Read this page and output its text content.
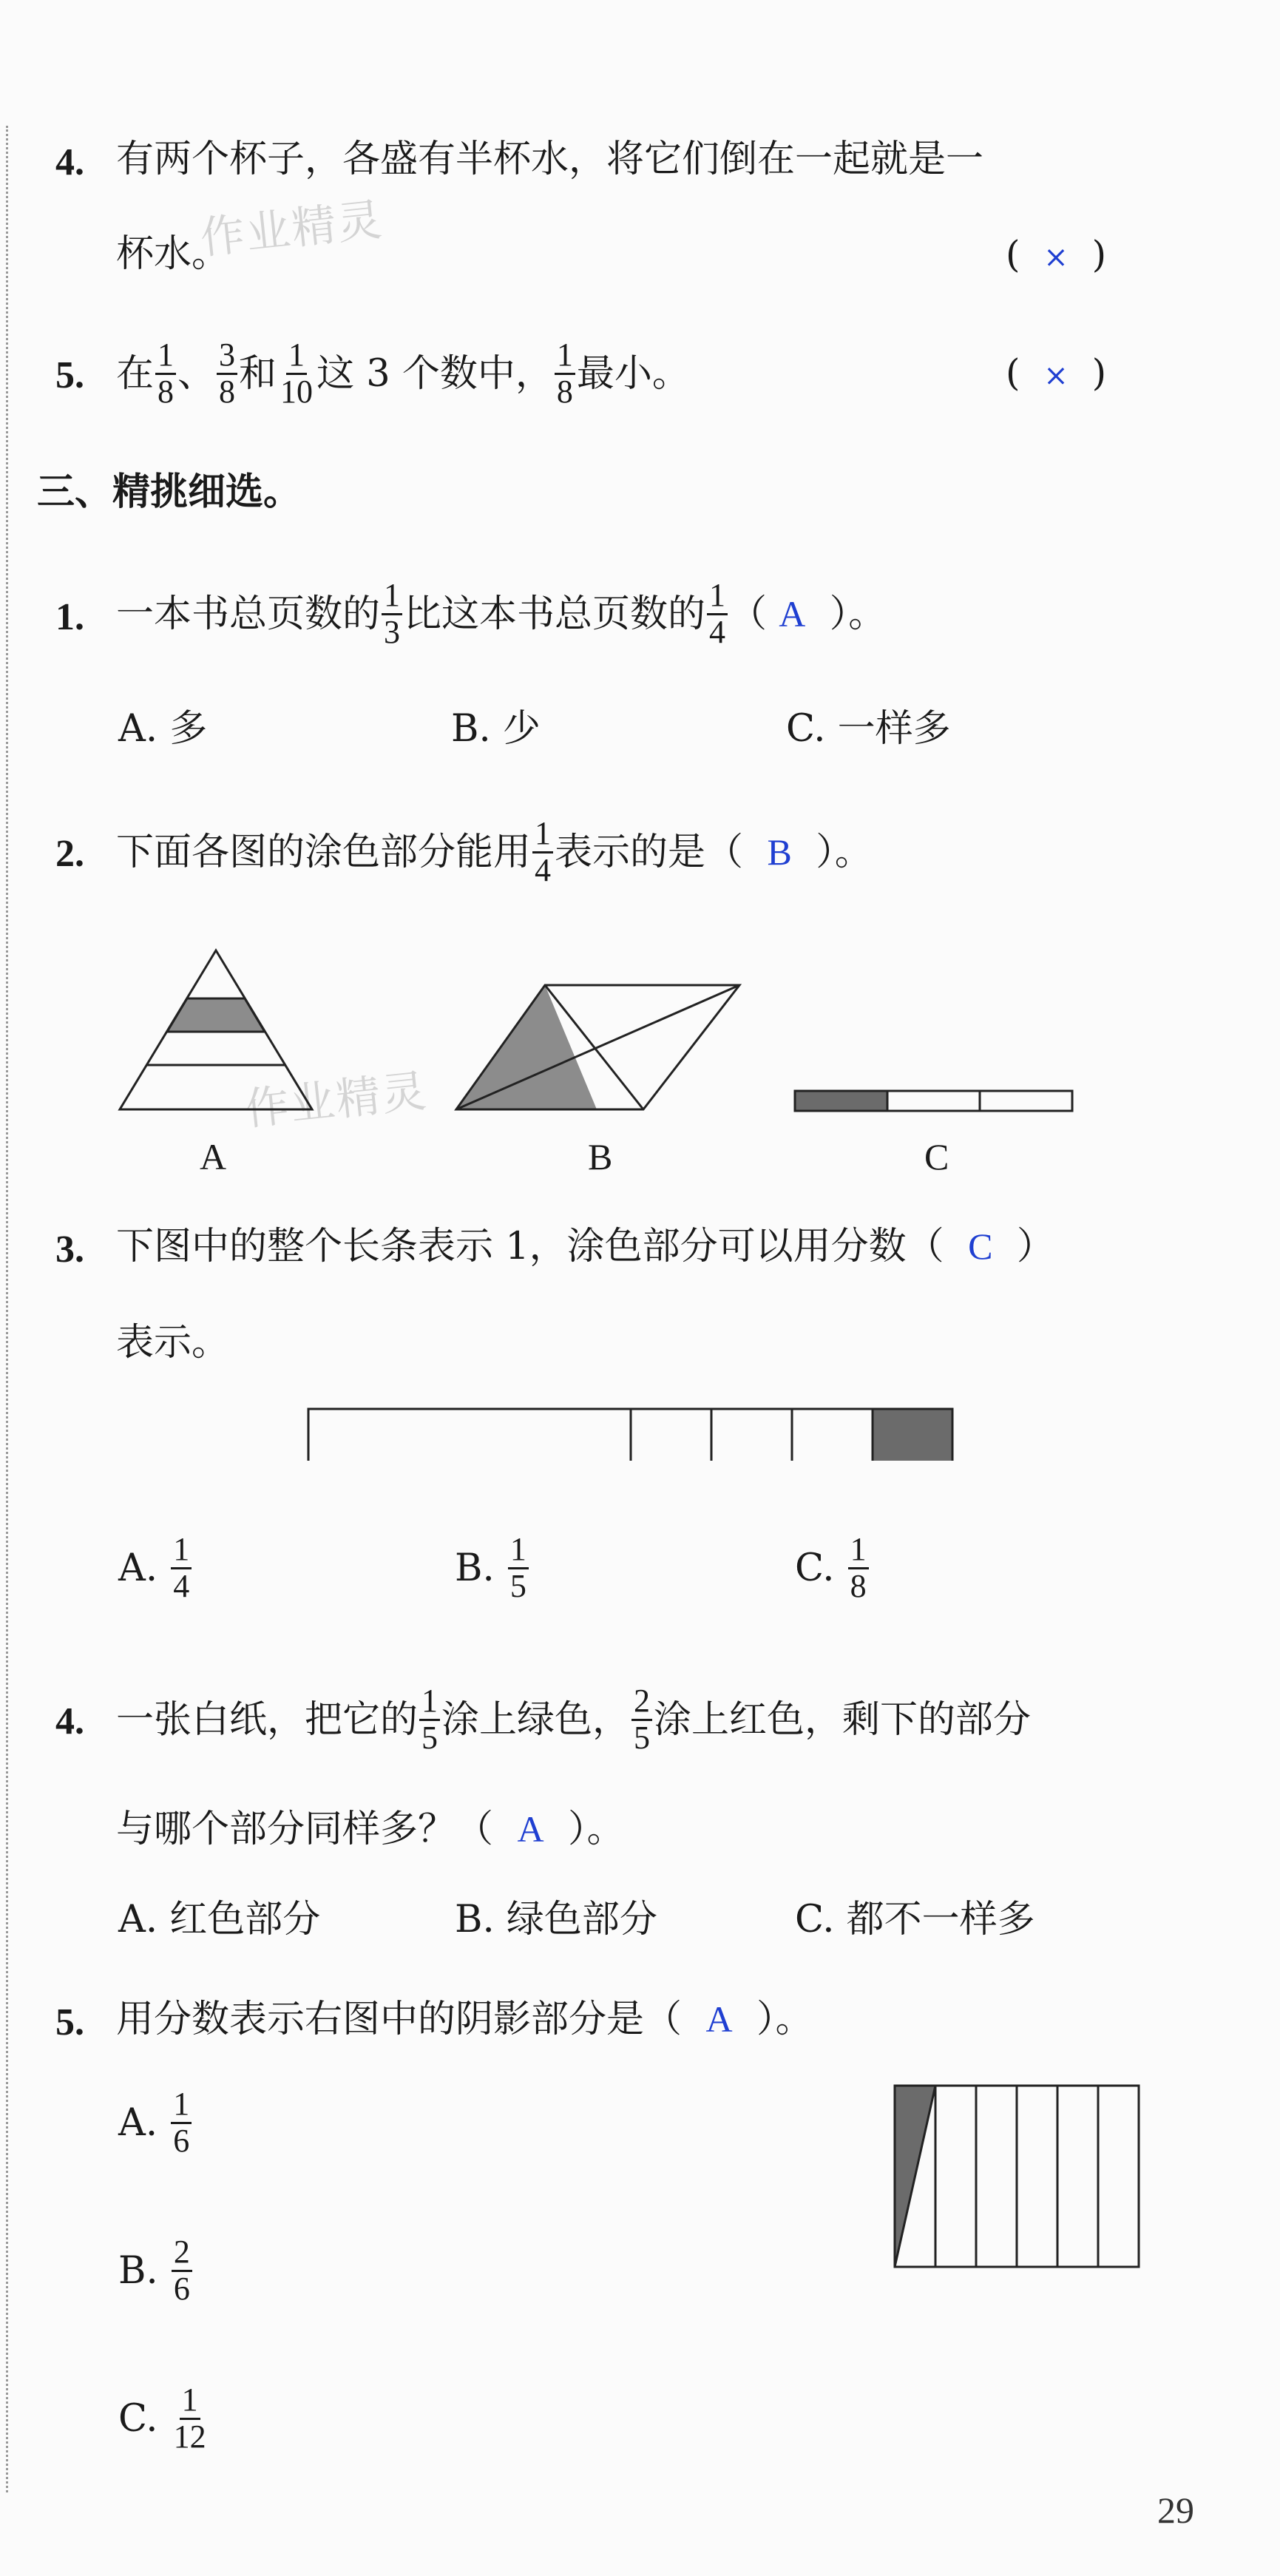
作业精灵
作业精灵
4. 有两个杯子，各盛有半杯水，将它们倒在一起就是一
杯水。	(  ×  )
5. 在 $\frac{1}{8}$ 、 $\frac{3}{8}$ 和 $\frac{1}{10}$ 这 3 个数中， $\frac{1}{8}$ 最小。	(  ×  )
三、精挑细选。
1. 一本书总页数的 $\frac{1}{3}$ 比这本书总页数的 $\frac{1}{4}$ （ A ）。
A. 多	B. 少	C. 一样多
2. 下面各图的涂色部分能用 $\frac{1}{4}$ 表示的是 （ B ）。
A	B	C
3. 下图中的整个长条表示 1，涂色部分可以用分数（  C  ）
表示。
A.
$\frac{1}{4}$	B.
$\frac{1}{5}$	C.
$\frac{1}{8}$
4. 一张白纸，把它的 $\frac{1}{5}$ 涂上绿色， $\frac{2}{5}$ 涂上红色，剩下的部分
与哪个部分同样多？（  A  ）。
A. 红色部分	B. 绿色部分	C. 都不一样多
5. 用分数表示右图中的阴影部分是（  A  ）。
A.
$\frac{1}{6}$
B.
$\frac{2}{6}$
C.
$\frac{1}{12}$
29
